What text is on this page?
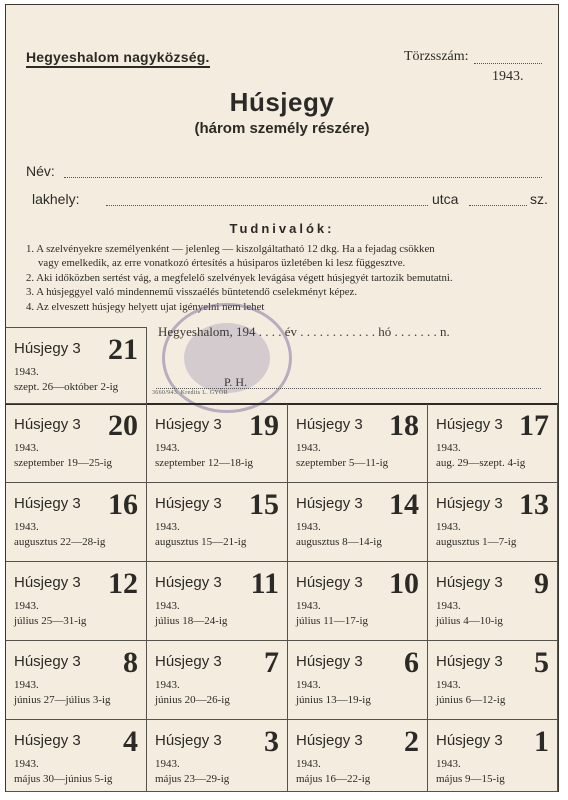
Hegyeshalom nagyközség.	Törzsszám:
1943.
Húsjegy
(három személy részére)
Név:
lakhely:	utca	sz.
Tudnivalók:
1. A szelvényekre személyenként — jelenleg — kiszolgáltatható 12 dkg. Ha a fejadag csökken
vagy emelkedik, az erre vonatkozó értesítés a húsiparos üzletében ki lesz függesztve.
2. Aki időközben sertést vág, a megfelelő szelvények levágása végett húsjegyét tartozik bemutatni.
3. A húsjeggyel való mindennemű visszaélés büntetendő cselekményt képez.
4. Az elveszett húsjegy helyett ujat igényelni nem lehet
Hegyeshalom, 194 . . . . év . . . . . . . . . . . . hó . . . . . . . n.
P. H.
3660/943. Kredits L. GYŐR
Húsjegy 3 21
1943.
szept. 26—október 2-ig
Húsjegy 3 20
1943.
szeptember 19—25-ig
Húsjegy 3 19
1943.
szeptember 12—18-ig
Húsjegy 3 18
1943.
szeptember 5—11-ig
Húsjegy 3 17
1943.
aug. 29—szept. 4-ig
Húsjegy 3 16
1943.
augusztus 22—28-ig
Húsjegy 3 15
1943.
augusztus 15—21-ig
Húsjegy 3 14
1943.
augusztus 8—14-ig
Húsjegy 3 13
1943.
augusztus 1—7-ig
Húsjegy 3 12
1943.
július 25—31-ig
Húsjegy 3 11
1943.
július 18—24-ig
Húsjegy 3 10
1943.
július 11—17-ig
Húsjegy 3 9
1943.
július 4—10-ig
Húsjegy 3 8
1943.
június 27—július 3-ig
Húsjegy 3 7
1943.
június 20—26-ig
Húsjegy 3 6
1943.
június 13—19-ig
Húsjegy 3 5
1943.
június 6—12-ig
Húsjegy 3 4
1943.
május 30—június 5-ig
Húsjegy 3 3
1943.
május 23—29-ig
Húsjegy 3 2
1943.
május 16—22-ig
Húsjegy 3 1
1943.
május 9—15-ig
